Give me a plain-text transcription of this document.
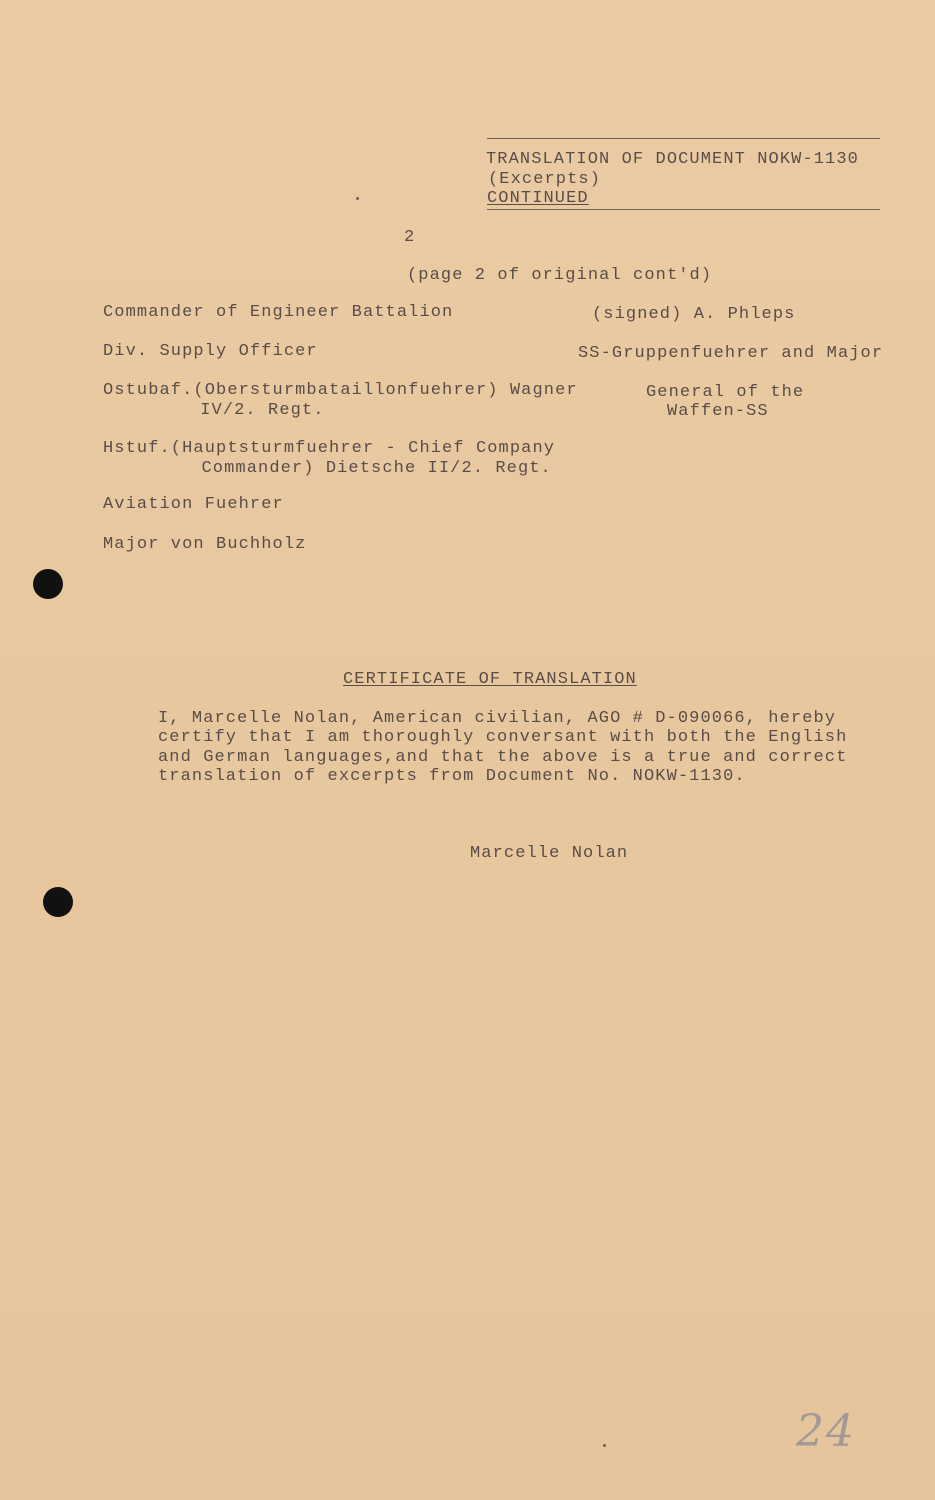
TRANSLATION OF DOCUMENT NOKW-1130
(Excerpts)
CONTINUED
2
(page 2 of original cont'd)
Commander of Engineer Battalion
Div. Supply Officer
Ostubaf.(Obersturmbataillonfuehrer) Wagner
IV/2. Regt.
Hstuf.(Hauptsturmfuehrer - Chief Company
Commander) Dietsche II/2. Regt.
Aviation Fuehrer
Major von Buchholz
(signed) A. Phleps
SS-Gruppenfuehrer and Major
General of the
Waffen-SS
CERTIFICATE OF TRANSLATION
I, Marcelle Nolan, American civilian, AGO # D-090066, hereby
certify that I am thoroughly conversant with both the English
and German languages,and that the above is a true and correct
translation of excerpts from Document No. NOKW-1130.
Marcelle Nolan
24
